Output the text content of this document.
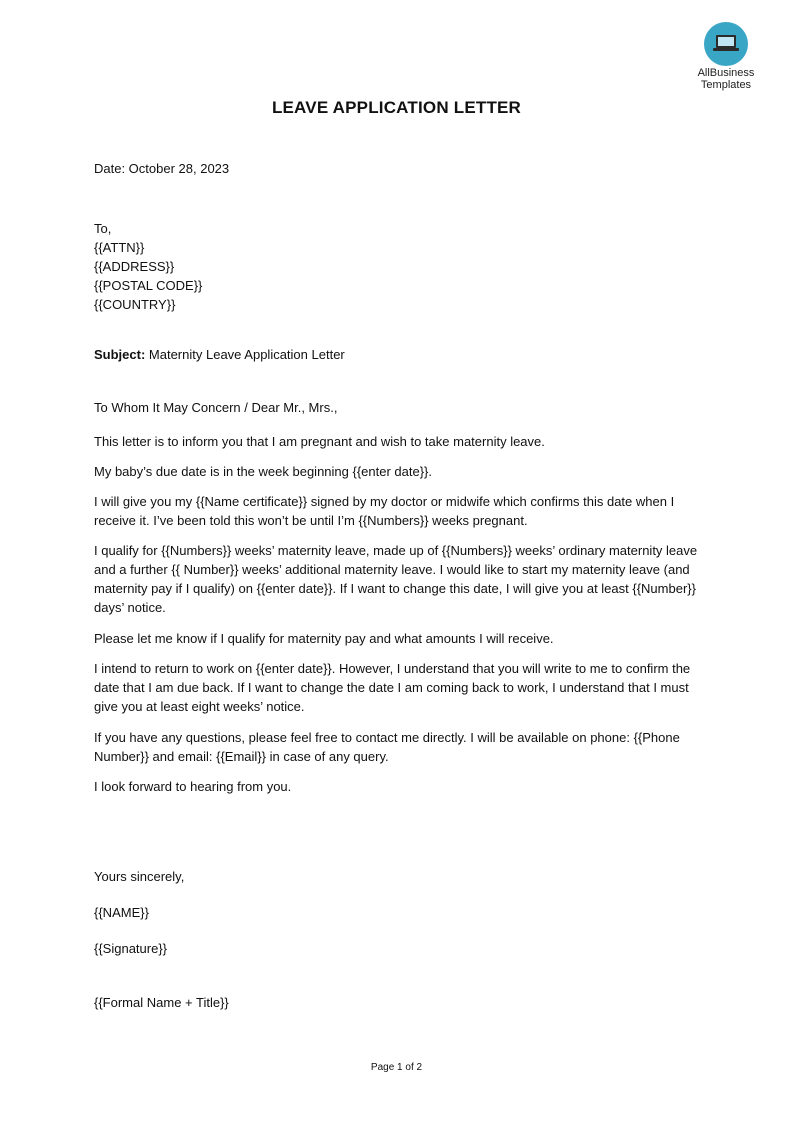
AllBusiness
Templates
LEAVE APPLICATION LETTER
Date: October 28, 2023

To,

{{ATTN}}

{{ADDRESS}}

{{POSTAL CODE}}

{{COUNTRY}}

Subject: Maternity Leave Application Letter
To Whom It May Concern / Dear Mr., Mrs.,
This letter is to inform you that I am pregnant and wish to take maternity leave.
My baby’s due date is in the week beginning {{enter date}}.
I will give you my {{Name certificate}} signed by my doctor or midwife which confirms this date when I receive it. I’ve been told this won’t be until I’m {{Numbers}} weeks pregnant.
I qualify for {{Numbers}} weeks’ maternity leave, made up of {{Numbers}} weeks’ ordinary maternity leave and a further {{ Number}} weeks’ additional maternity leave. I would like to start my maternity leave (and maternity pay if I qualify) on {{enter date}}. If I want to change this date, I will give you at least {{Number}} days’ notice.
Please let me know if I qualify for maternity pay and what amounts I will receive.
I intend to return to work on {{enter date}}. However, I understand that you will write to me to confirm the date that I am due back. If I want to change the date I am coming back to work, I understand that I must give you at least eight weeks’ notice.
If you have any questions, please feel free to contact me directly. I will be available on phone: {{Phone Number}} and email: {{Email}} in case of any query.
I look forward to hearing from you.
Yours sincerely,
{{NAME}}
{{Signature}}
{{Formal Name + Title}}
Page 1 of 2
